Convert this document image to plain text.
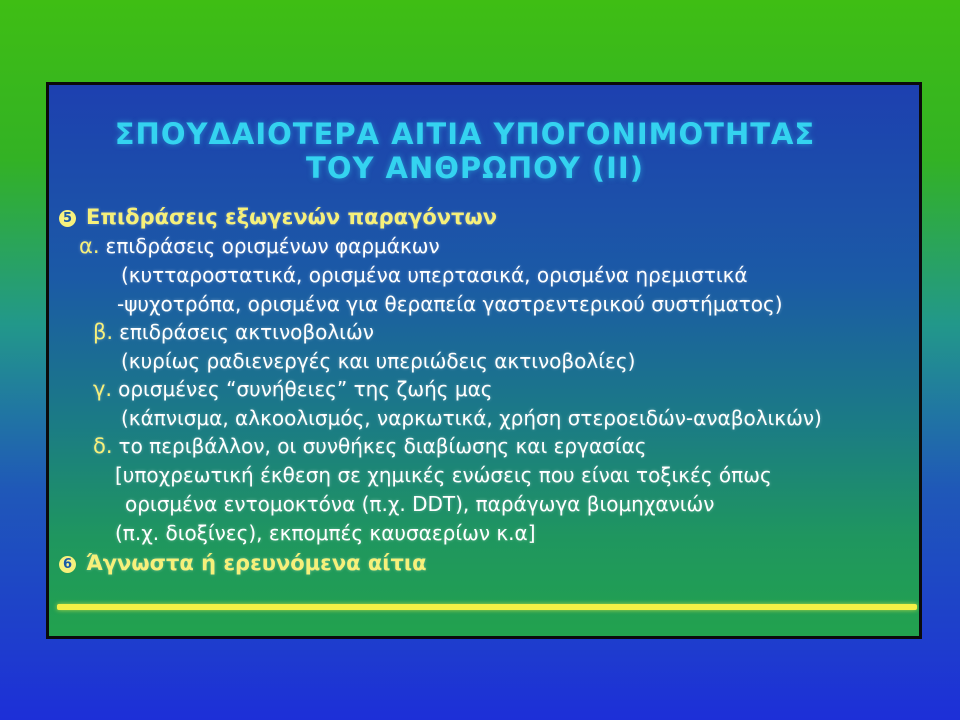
ΣΠΟΥΔΑΙΟΤΕΡΑ ΑΙΤΙΑ ΥΠΟΓΟΝΙΜΟΤΗΤΑΣ
ΤΟΥ ΑΝΘΡΩΠΟΥ (ΙΙ)
5 Επιδράσεις εξωγενών παραγόντων
α. επιδράσεις ορισμένων φαρμάκων
(κυτταροστατικά, ορισμένα υπερτασικά, ορισμένα ηρεμιστικά
-ψυχοτρόπα, ορισμένα για θεραπεία γαστρεντερικού συστήματος)
β. επιδράσεις ακτινοβολιών
(κυρίως ραδιενεργές και υπεριώδεις ακτινοβολίες)
γ. ορισμένες “συνήθειες” της ζωής μας
(κάπνισμα, αλκοολισμός, ναρκωτικά, χρήση στεροειδών-αναβολικών)
δ. το περιβάλλον, οι συνθήκες διαβίωσης και εργασίας
[υποχρεωτική έκθεση σε χημικές ενώσεις που είναι τοξικές όπως
ορισμένα εντομοκτόνα (π.χ. DDT), παράγωγα βιομηχανιών
(π.χ. διοξίνες), εκπομπές καυσαερίων κ.α]
6 Άγνωστα ή ερευνόμενα αίτια
